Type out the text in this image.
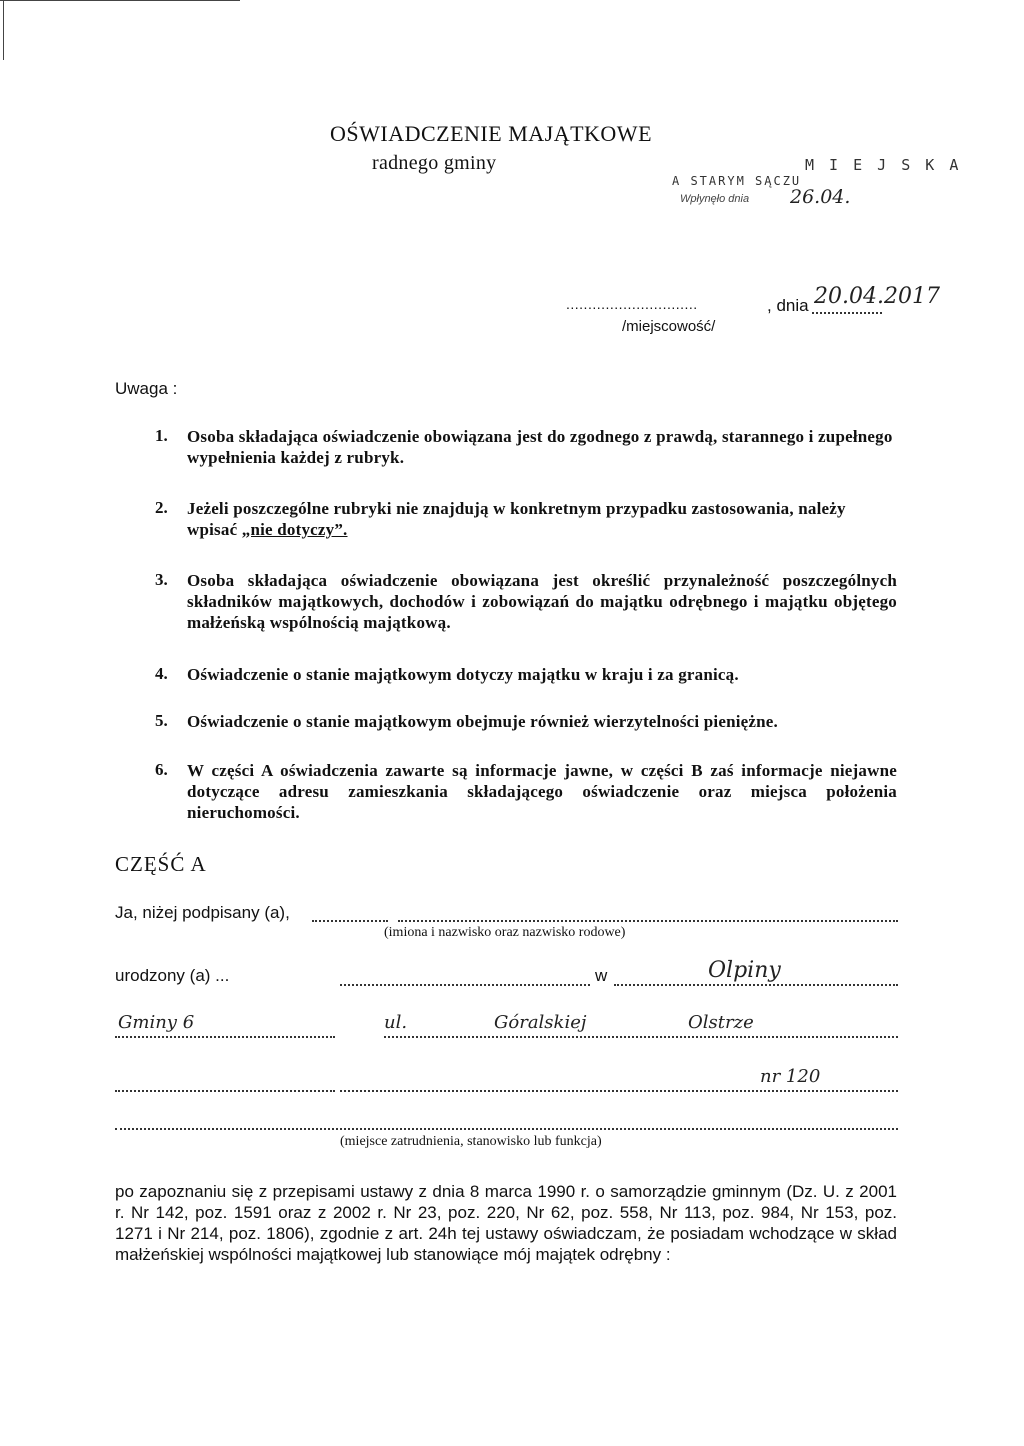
OŚWIADCZENIE MAJĄTKOWE
radnego gminy	M I E J S K A
A STARYM SĄCZU
Wpłynęło dnia 26.04.
..............................	, dnia 20.04.2017
/miejscowość/
Uwaga :
1. Osoba składająca oświadczenie obowiązana jest do zgodnego z prawdą, starannego i zupełnego wypełnienia każdej z rubryk.
2. Jeżeli poszczególne rubryki nie znajdują w konkretnym przypadku zastosowania, należy wpisać „nie dotyczy”.
3. Osoba składająca oświadczenie obowiązana jest określić przynależność poszczególnych składników majątkowych, dochodów i zobowiązań do majątku odrębnego i majątku objętego małżeńską wspólnością majątkową.
4. Oświadczenie o stanie majątkowym dotyczy majątku w kraju i za granicą.
5. Oświadczenie o stanie majątkowym obejmuje również wierzytelności pieniężne.
6. W części A oświadczenia zawarte są informacje jawne, w części B zaś informacje niejawne dotyczące adresu zamieszkania składającego oświadczenie oraz miejsca położenia nieruchomości.
CZĘŚĆ A
Ja, niżej podpisany (a),
(imiona i nazwisko oraz nazwisko rodowe)
urodzony (a) ...	w	Olpiny
Gminy 6	ul.	Góralskiej	Olstrze
nr 120
(miejsce zatrudnienia, stanowisko lub funkcja)
po zapoznaniu się z przepisami ustawy z dnia 8 marca 1990 r. o samorządzie gminnym (Dz. U. z 2001 r. Nr 142, poz. 1591 oraz z 2002 r. Nr 23, poz. 220, Nr 62, poz. 558, Nr 113, poz. 984, Nr 153, poz. 1271 i Nr 214, poz. 1806), zgodnie z art. 24h tej ustawy oświadczam, że posiadam wchodzące w skład małżeńskiej wspólności majątkowej lub stanowiące mój majątek odrębny :
